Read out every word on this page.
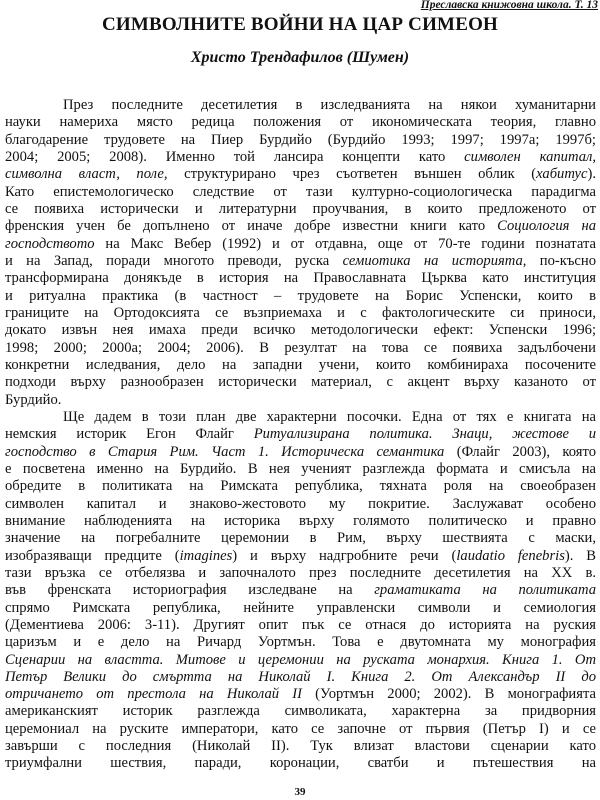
Преславска книжовна школа. Т. 13
СИМВОЛНИТЕ ВОЙНИ НА ЦАР СИМЕОН
Христо Трендафилов (Шумен)
През последните десетилетия в изследванията на някои хуманитарни
науки намериха място редица положения от икономическата теория, главно
благодарение трудовете на Пиер Бурдийо (Бурдийо 1993; 1997; 1997а; 1997б;
2004; 2005; 2008). Именно той лансира концепти като символен капитал,
символна власт, поле, структурирано чрез съответен външен облик (хабитус).
Като епистемологическо следствие от тази културно-социологическа парадигма
се появиха исторически и литературни проучвания, в които предложеното от
френския учен бе допълнено от иначе добре известни книги като Социология на
господството на Макс Вебер (1992) и от отдавна, още от 70-те години познатата
и на Запад, поради многото преводи, руска семиотика на историята, по-късно
трансформирана донякъде в история на Православната Църква като институция
и ритуална практика (в частност – трудовете на Борис Успенски, които в
границите на Ортодоксията се възприемаха и с фактологическите си приноси,
докато извън нея имаха преди всичко методологически ефект: Успенски 1996;
1998; 2000; 2000а; 2004; 2006). В резултат на това се появиха задълбочени
конкретни иследвания, дело на западни учени, които комбинираха посочените
подходи върху разнообразен исторически материал, с акцент върху казаното от
Бурдийо.
Ще дадем в този план две характерни посочки. Една от тях е книгата на
немския историк Егон Флайг Ритуализирана политика. Знаци, жестове и
господство в Стария Рим. Част 1. Историческа семантика (Флайг 2003), която
е посветена именно на Бурдийо. В нея ученият разглежда формата и смисъла на
обредите в политиката на Римската република, тяхната роля на своеобразен
символен капитал и знаково-жестовото му покритие. Заслужават особено
внимание наблюденията на историка върху голямото политическо и правно
значение на погребалните церемонии в Рим, върху шествията с маски,
изобразяващи предците (imagines) и върху надгробните речи (laudatio fenebris). В
тази връзка се отбелязва и започналото през последните десетилетия на ХХ в.
във френската историография изследване на граматиката на политиката
спрямо Римската република, нейните управленски символи и семиология
(Дементиева 2006: 3-11). Другият опит пък се отнася до историята на руския
царизъм и е дело на Ричард Уортмън. Това е двутомната му монография
Сценарии на властта. Митове и церемонии на руската монархия. Книга 1. От
Петър Велики до смъртта на Николай I. Книга 2. От Александър II до
отричането от престола на Николай II (Уортмън 2000; 2002). В монографията
американският историк разглежда символиката, характерна за придворния
церемониал на руските императори, като се започне от първия (Петър I) и се
завърши с последния (Николай II). Тук влизат властови сценарии като
триумфални шествия, паради, коронации, сватби и пътешествия на
39
